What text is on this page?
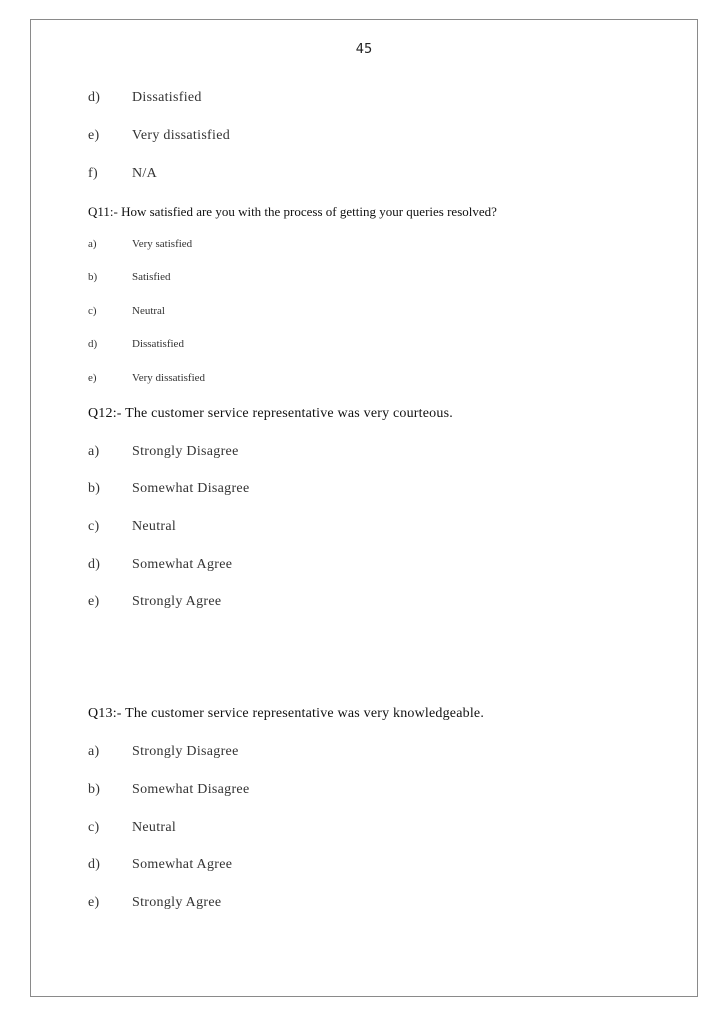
45
d) Dissatisfied
e) Very dissatisfied
f) N/A
Q11:- How satisfied are you with the process of getting your queries resolved?
a)	Very satisfied
b)	Satisfied
c)	Neutral
d)	Dissatisfied
e)	Very dissatisfied
Q12:- The customer service representative was very courteous.
a) Strongly Disagree
b) Somewhat Disagree
c) Neutral
d) Somewhat Agree
e) Strongly Agree
Q13:- The customer service representative was very knowledgeable.
a) Strongly Disagree
b) Somewhat Disagree
c) Neutral
d) Somewhat Agree
e) Strongly Agree
